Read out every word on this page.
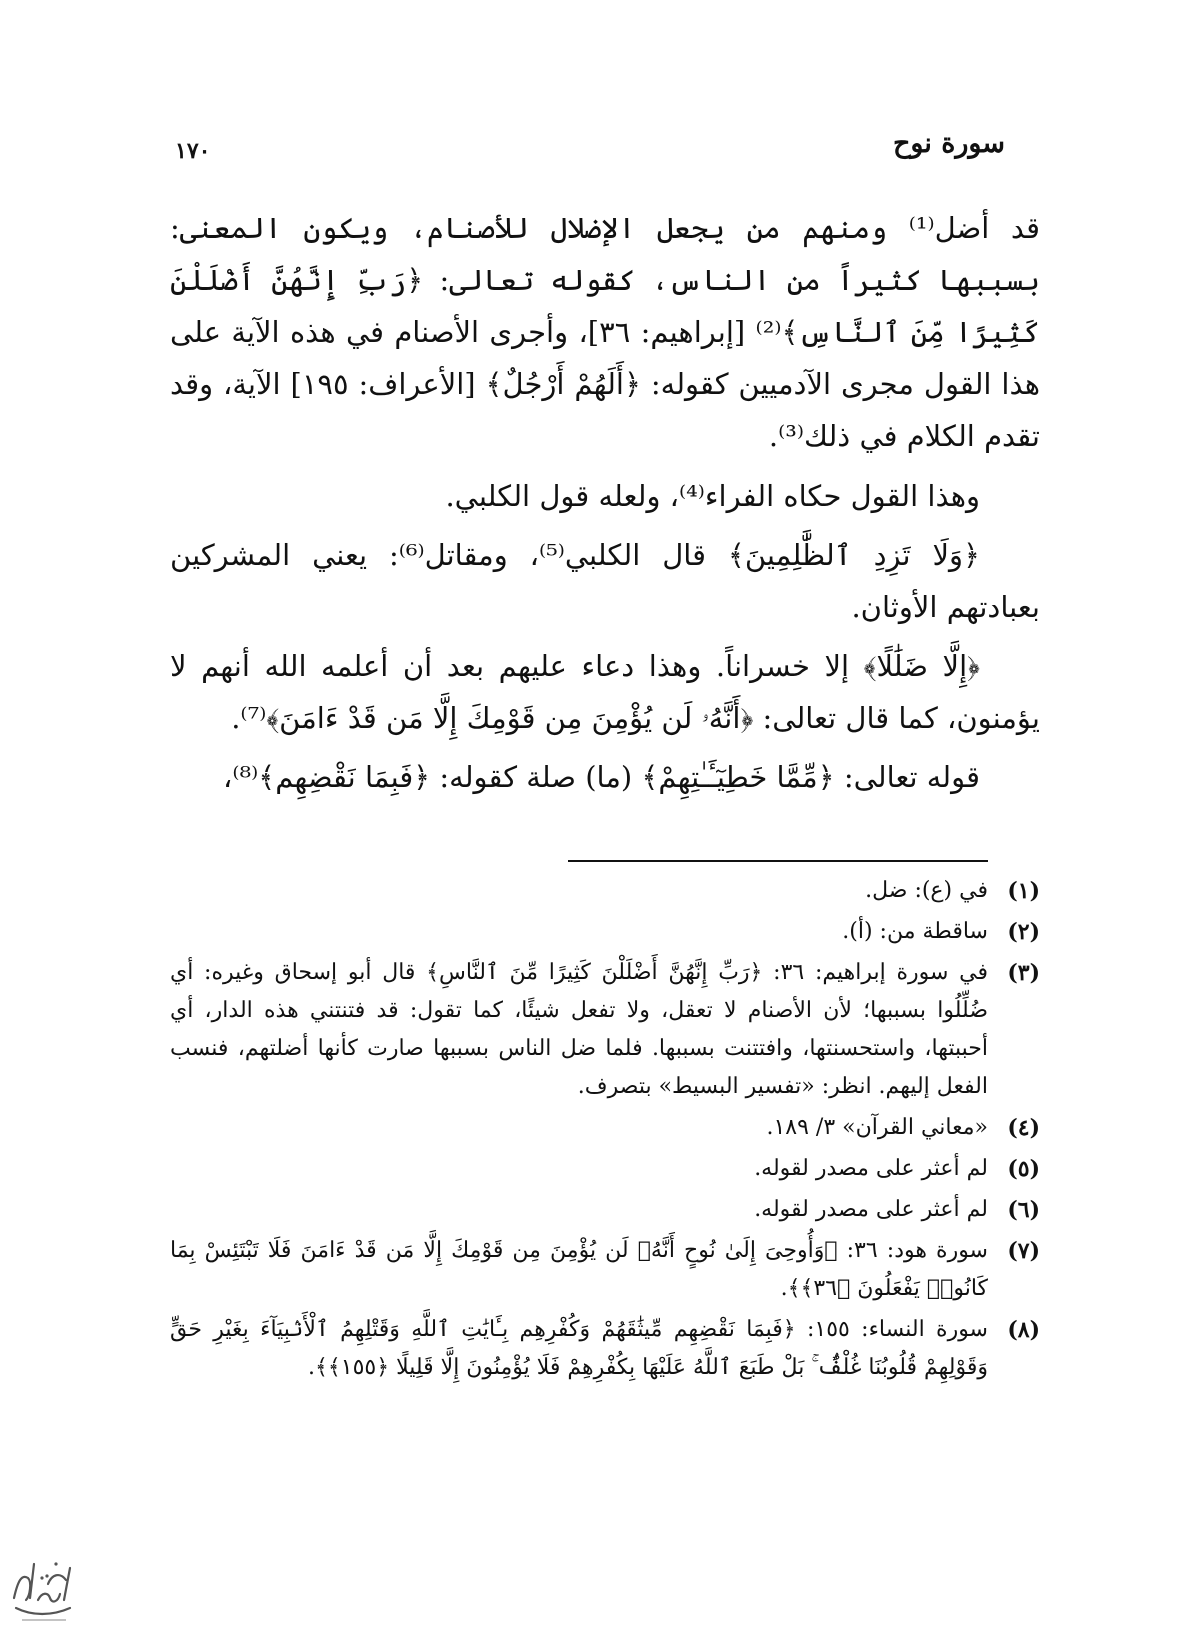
سورة نوح
١٧٠

قد أضل⁽¹⁾ ومنهم من يجعل الإضلال للأصنام، ويكون المعنى: بسببها كثيراً من الناس، كقوله تعالى: ﴿رَبِّ إِنَّهُنَّ أَضْلَلْنَ كَثِيرًا مِّنَ ٱلنَّاسِ﴾⁽²⁾ [إبراهيم: ٣٦]، وأجرى الأصنام في هذه الآية على هذا القول مجرى الآدميين كقوله: ﴿أَلَهُمْ أَرْجُلٌ﴾ [الأعراف: ١٩٥] الآية، وقد تقدم الكلام في ذلك⁽³⁾.

وهذا القول حكاه الفراء⁽⁴⁾، ولعله قول الكلبي.

﴿وَلَا تَزِدِ ٱلظَّٰلِمِينَ﴾ قال الكلبي⁽⁵⁾، ومقاتل⁽⁶⁾: يعني المشركين بعبادتهم الأوثان.

﴿إِلَّا ضَلَٰلًا﴾ إلا خسراناً. وهذا دعاء عليهم بعد أن أعلمه الله أنهم لا يؤمنون، كما قال تعالى: ﴿أَنَّهُۥ لَن يُؤْمِنَ مِن قَوْمِكَ إِلَّا مَن قَدْ ءَامَنَ﴾⁽⁷⁾.

قوله تعالى: ﴿مِّمَّا خَطِيٓـَٔـٰتِهِمْ﴾ (ما) صلة كقوله: ﴿فَبِمَا نَقْضِهِم﴾⁽⁸⁾،

(١)
في (ع): ضل.
(٢)
ساقطة من: (أ).
(٣)
في سورة إبراهيم: ٣٦: ﴿رَبِّ إِنَّهُنَّ أَضْلَلْنَ كَثِيرًا مِّنَ ٱلنَّاسِ﴾ قال أبو إسحاق وغيره: أي ضُلِّلُوا بسببها؛ لأن الأصنام لا تعقل، ولا تفعل شيئًا، كما تقول: قد فتنتني هذه الدار، أي أحببتها، واستحسنتها، وافتتنت بسببها. فلما ضل الناس بسببها صارت كأنها أضلتهم، فنسب الفعل إليهم. انظر: «تفسير البسيط» بتصرف.
(٤)
«معاني القرآن» ٣/ ١٨٩.
(٥)
لم أعثر على مصدر لقوله.
(٦)
لم أعثر على مصدر لقوله.
(٧)
سورة هود: ٣٦: ﴿وَأُوحِىَ إِلَىٰ نُوحٍ أَنَّهُۥ لَن يُؤْمِنَ مِن قَوْمِكَ إِلَّا مَن قَدْ ءَامَنَ فَلَا تَبْتَئِسْ بِمَا كَانُوا۟ يَفْعَلُونَ ﴿٣٦﴾﴾.
(٨)
سورة النساء: ١٥٥: ﴿فَبِمَا نَقْضِهِم مِّيثَٰقَهُمْ وَكُفْرِهِم بِـَٔايَٰتِ ٱللَّهِ وَقَتْلِهِمُ ٱلْأَنۢبِيَآءَ بِغَيْرِ حَقٍّ وَقَوْلِهِمْ قُلُوبُنَا غُلْفٌۢ ۚ بَلْ طَبَعَ ٱللَّهُ عَلَيْهَا بِكُفْرِهِمْ فَلَا يُؤْمِنُونَ إِلَّا قَلِيلًا ﴿١٥٥﴾﴾.
